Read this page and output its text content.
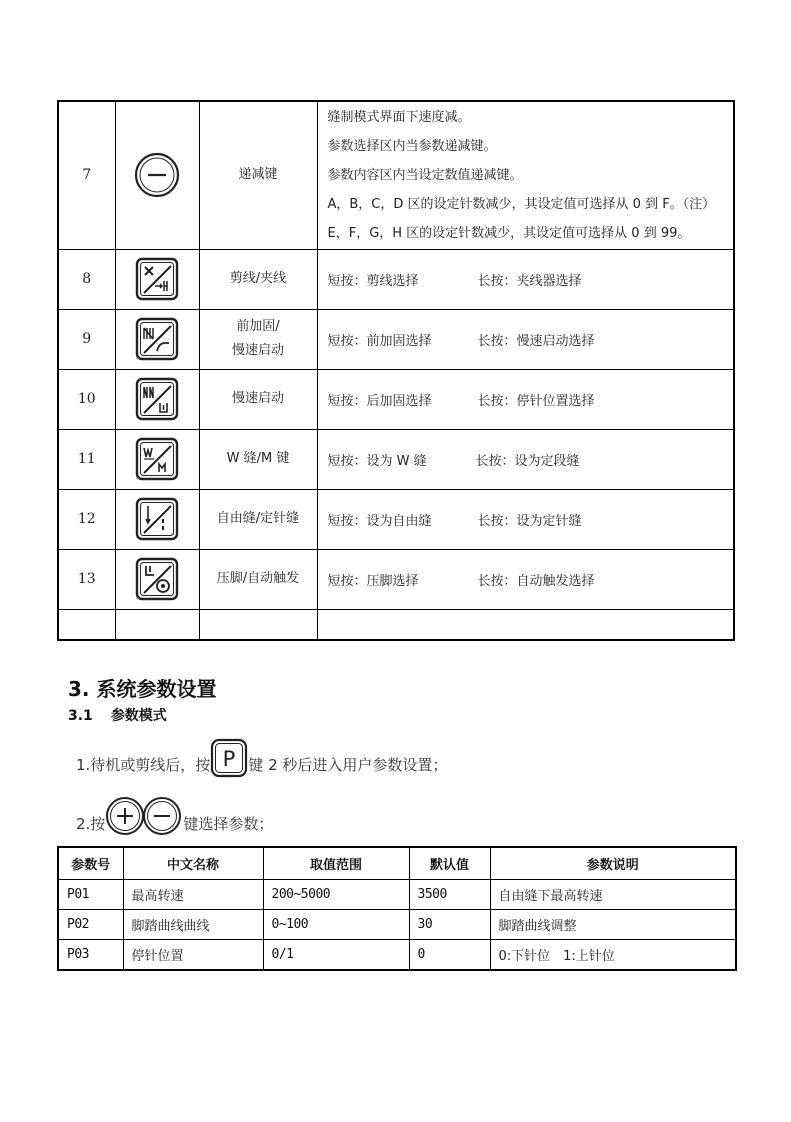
7		递减键	缝制模式界面下速度减。
参数选择区内当参数递减键。
参数内容区内当设定数值递减键。
A，B，C，D 区的设定针数减少，其设定值可选择从 0 到 F。（注）
E，F，G，H 区的设定针数减少，其设定值可选择从 0 到 99。

8		剪线/夹线	短按：剪线选择 长按：夹线器选择
9		前加固/
慢速启动	短按：前加固选择 长按：慢速启动选择
10		慢速启动	短按：后加固选择 长按：停针位置选择
11		W 缝/M 键	短按：设为 W 缝 长按：设为定段缝
12		自由缝/定针缝	短按：设为自由缝 长按：设为定针缝
13		压脚/自动触发	短按：压脚选择 长按：自动触发选择

3. 系统参数设置
3.1 参数模式
1.待机或剪线后，按 P 键 2 秒后进入用户参数设置；
2.按	键选择参数；
参数号	中文名称	取值范围	默认值	参数说明
P01	最高转速	200~5000	3500	自由缝下最高转速
P02	脚踏曲线曲线	0~100	30	脚踏曲线调整
P03	停针位置	0/1	0	0:下针位　1:上针位
